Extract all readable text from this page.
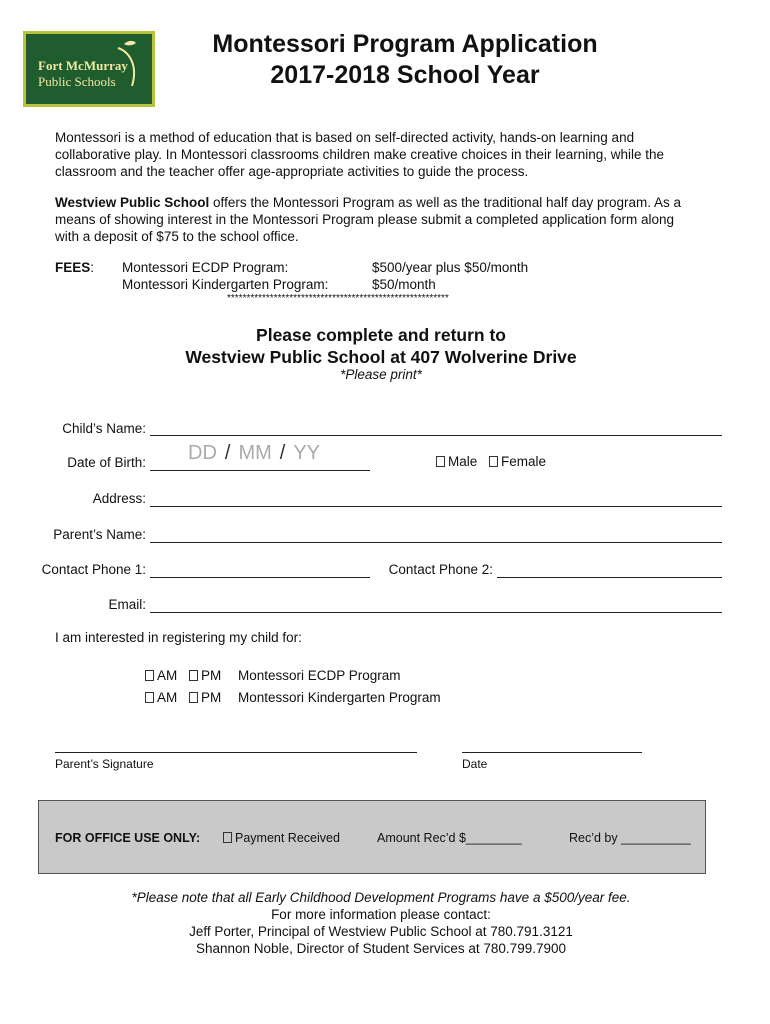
Fort McMurray
Public Schools
Montessori Program Application
2017-2018 School Year
Montessori is a method of education that is based on self-directed activity, hands-on learning and
collaborative play. In Montessori classrooms children make creative choices in their learning, while the
classroom and the teacher offer age-appropriate activities to guide the process.
Westview Public School offers the Montessori Program as well as the traditional half day program. As a
means of showing interest in the Montessori Program please submit a completed application form along
with a deposit of $75 to the school office.
FEES: Montessori ECDP Program:	$500/year plus $50/month
Montessori Kindergarten Program:	$50/month
*********************************************************
Please complete and return to
Westview Public School at 407 Wolverine Drive
*Please print*
Child’s Name:
Date of Birth: DD / MM / YY	Male Female
Address:
Parent’s Name:
Contact Phone 1:	Contact Phone 2:
Email:
I am interested in registering my child for:
AM PM Montessori ECDP Program
AM PM Montessori Kindergarten Program
Parent’s Signature	Date
FOR OFFICE USE ONLY:	Payment Received	Amount Rec’d $________	Rec’d by __________
*Please note that all Early Childhood Development Programs have a $500/year fee.
For more information please contact:
Jeff Porter, Principal of Westview Public School at 780.791.3121
Shannon Noble, Director of Student Services at 780.799.7900
